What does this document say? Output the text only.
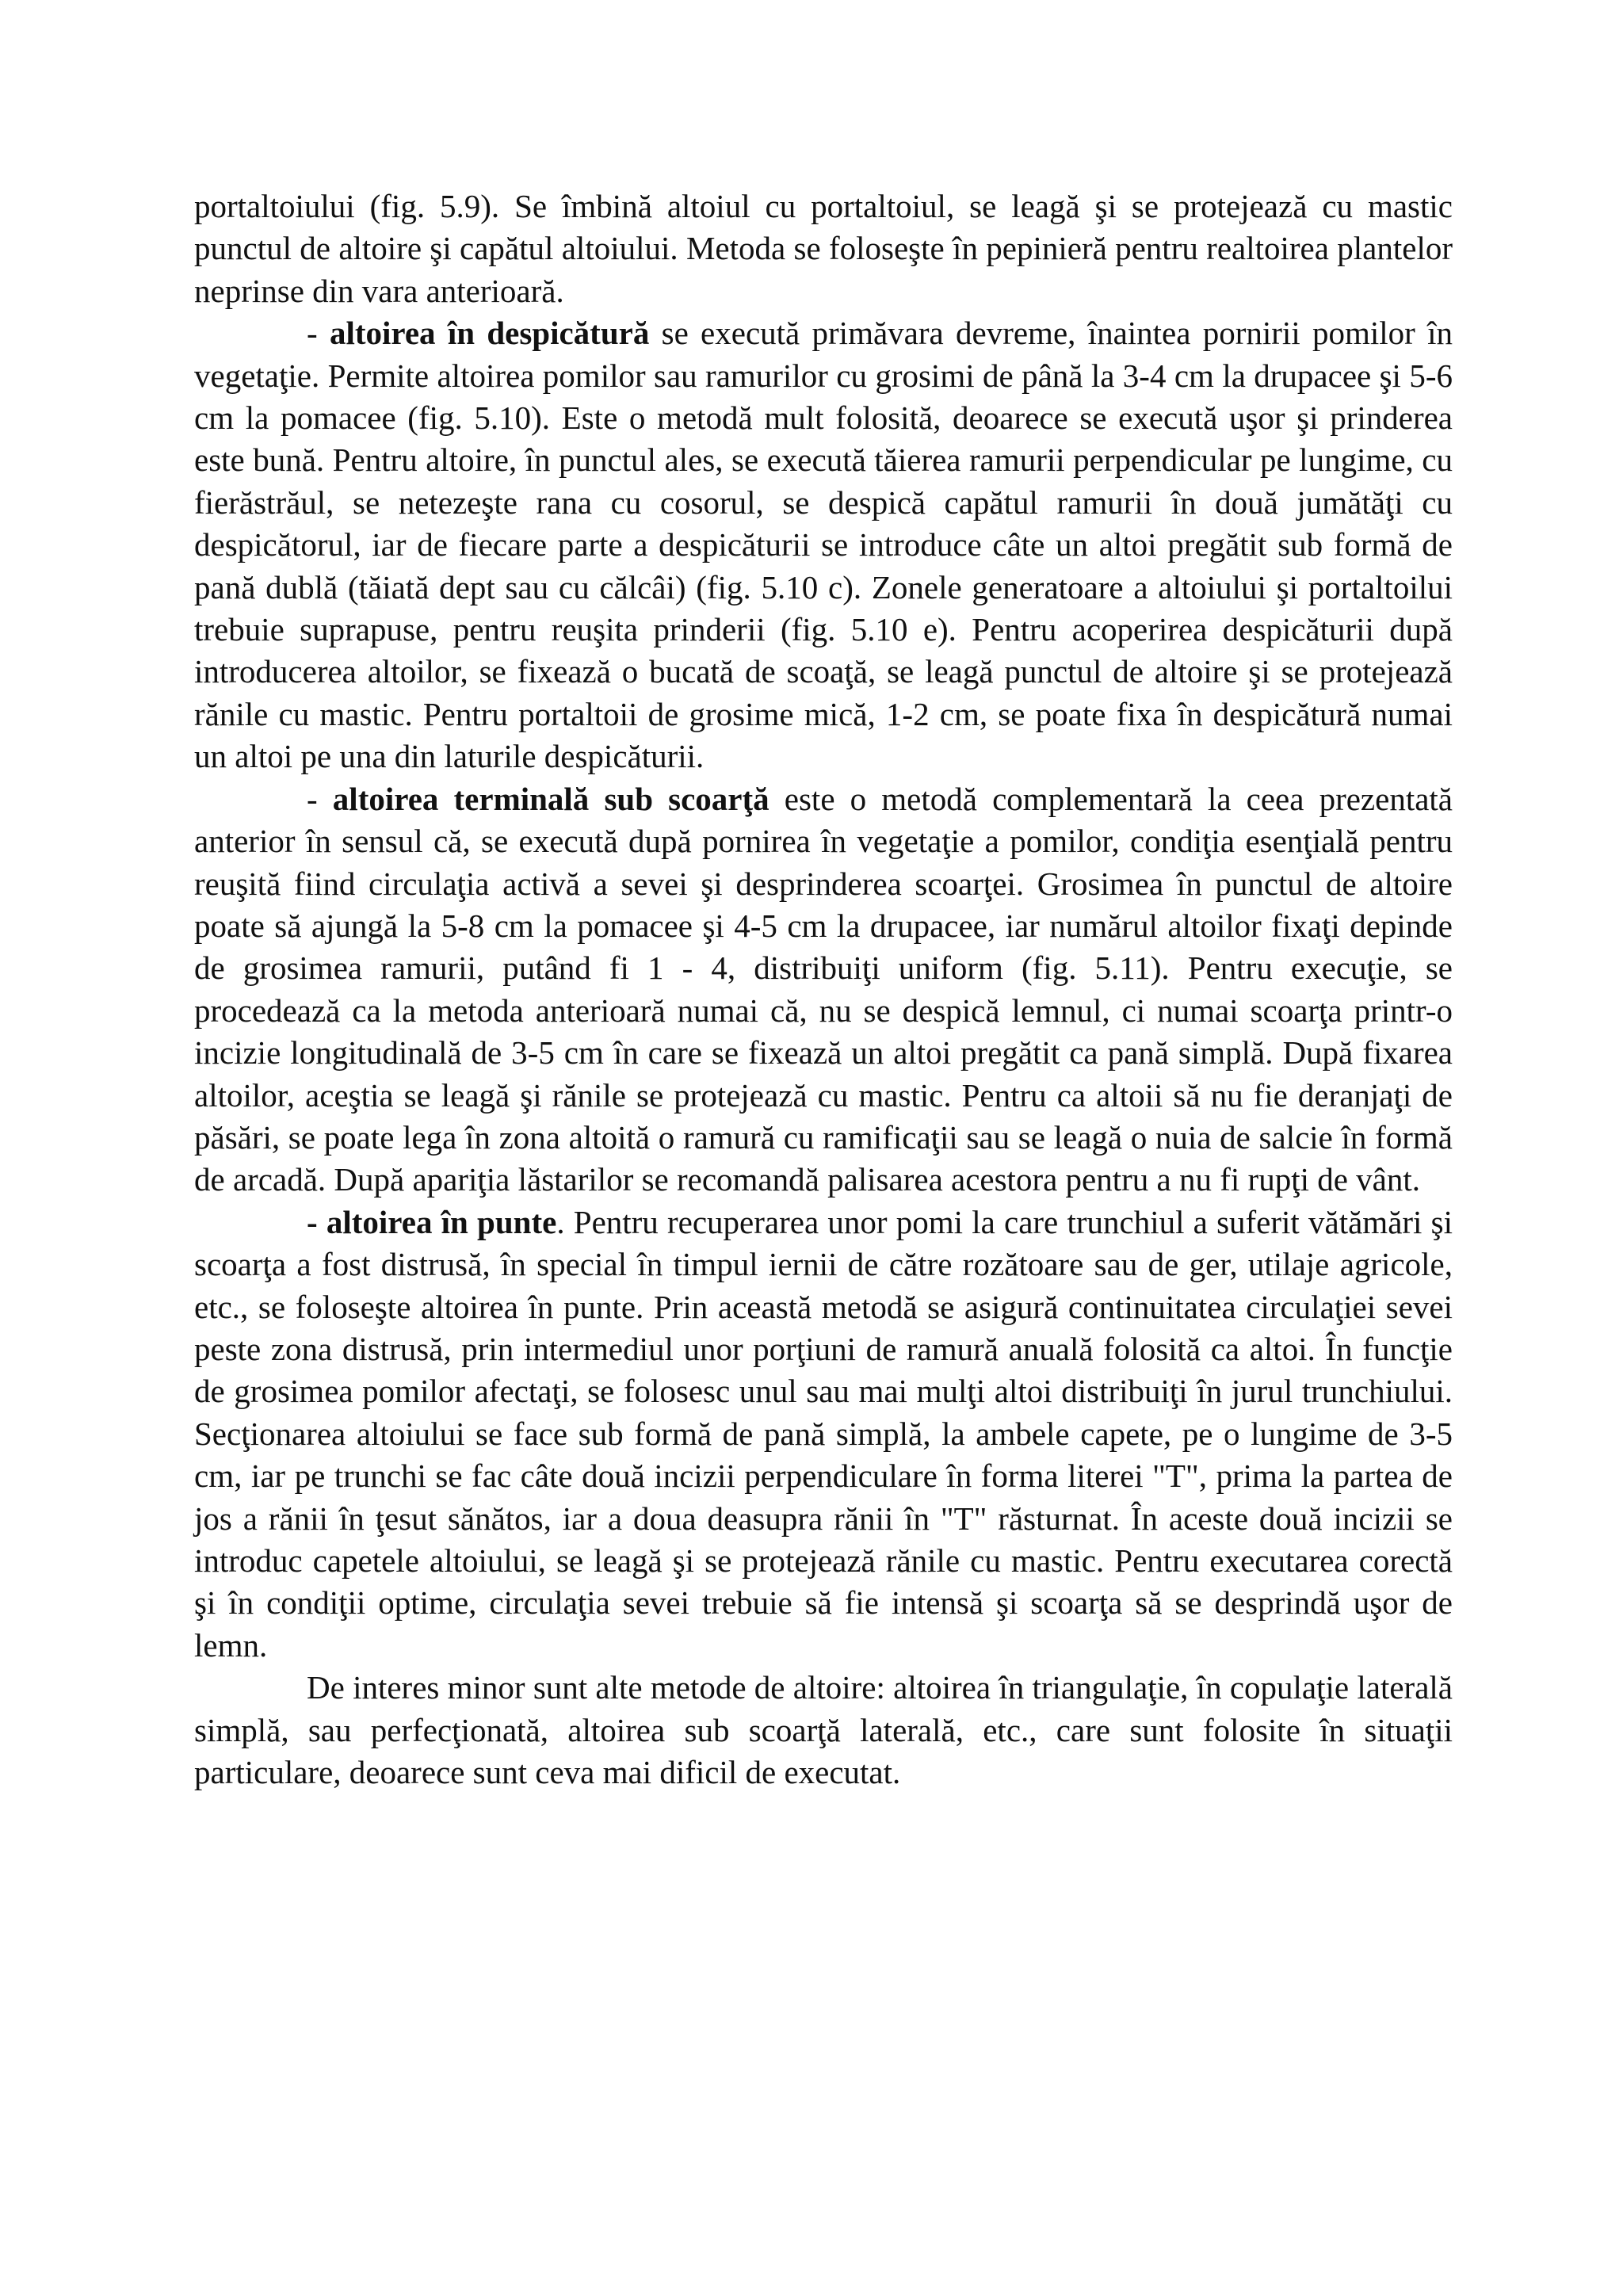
portaltoiului (fig. 5.9). Se îmbină altoiul cu portaltoiul, se leagă şi se protejează cu mastic punctul de altoire şi capătul altoiului. Metoda se foloseşte în pepinieră pentru realtoirea plantelor neprinse din vara anterioară.

- altoirea în despicătură se execută primăvara devreme, înaintea pornirii pomilor în vegetaţie. Permite altoirea pomilor sau ramurilor cu grosimi de până la 3-4 cm la drupacee şi 5-6 cm la pomacee (fig. 5.10). Este o metodă mult folosită, deoarece se execută uşor şi prinderea este bună. Pentru altoire, în punctul ales, se execută tăierea ramurii perpendicular pe lungime, cu fierăstrăul, se netezeşte rana cu cosorul, se despică capătul ramurii în două jumătăţi cu despicătorul, iar de fiecare parte a despicăturii se introduce câte un altoi pregătit sub formă de pană dublă (tăiată dept sau cu călcâi) (fig. 5.10 c). Zonele generatoare a altoiului şi portaltoilui trebuie suprapuse, pentru reuşita prinderii (fig. 5.10 e). Pentru acoperirea despicăturii după introducerea altoilor, se fixează o bucată de scoaţă, se leagă punctul de altoire şi se protejează rănile cu mastic. Pentru portaltoii de grosime mică, 1-2 cm, se poate fixa în despicătură numai un altoi pe una din laturile despicăturii.

- altoirea terminală sub scoarţă este o metodă complementară la ceea prezentată anterior în sensul că, se execută după pornirea în vegetaţie a pomilor, condiţia esenţială pentru reuşită fiind circulaţia activă a sevei şi desprinderea scoarţei. Grosimea în punctul de altoire poate să ajungă la 5-8 cm la pomacee şi 4-5 cm la drupacee, iar numărul altoilor fixaţi depinde de grosimea ramurii, putând fi 1 - 4, distribuiţi uniform (fig. 5.11). Pentru execuţie, se procedează ca la metoda anterioară numai că, nu se despică lemnul, ci numai scoarţa printr-o incizie longitudinală de 3-5 cm în care se fixează un altoi pregătit ca pană simplă. După fixarea altoilor, aceştia se leagă şi rănile se protejează cu mastic. Pentru ca altoii să nu fie deranjaţi de păsări, se poate lega în zona altoită o ramură cu ramificaţii sau se leagă o nuia de salcie în formă de arcadă. După apariţia lăstarilor se recomandă palisarea acestora pentru a nu fi rupţi de vânt.

- altoirea în punte. Pentru recuperarea unor pomi la care trunchiul a suferit vătămări şi scoarţa a fost distrusă, în special în timpul iernii de către rozătoare sau de ger, utilaje agricole, etc., se foloseşte altoirea în punte. Prin această metodă se asigură continuitatea circulaţiei sevei peste zona distrusă, prin intermediul unor porţiuni de ramură anuală folosită ca altoi. În funcţie de grosimea pomilor afectaţi, se folosesc unul sau mai mulţi altoi distribuiţi în jurul trunchiului. Secţionarea altoiului se face sub formă de pană simplă, la ambele capete, pe o lungime de 3-5 cm, iar pe trunchi se fac câte două incizii perpendiculare în forma literei "T", prima la partea de jos a rănii în ţesut sănătos, iar a doua deasupra rănii în "T" răsturnat. În aceste două incizii se introduc capetele altoiului, se leagă şi se protejează rănile cu mastic. Pentru executarea corectă şi în condiţii optime, circulaţia sevei trebuie să fie intensă şi scoarţa să se desprindă uşor de lemn.

De interes minor sunt alte metode de altoire: altoirea în triangulaţie, în copulaţie laterală simplă, sau perfecţionată, altoirea sub scoarţă laterală, etc., care sunt folosite în situaţii particulare, deoarece sunt ceva mai dificil de executat.
